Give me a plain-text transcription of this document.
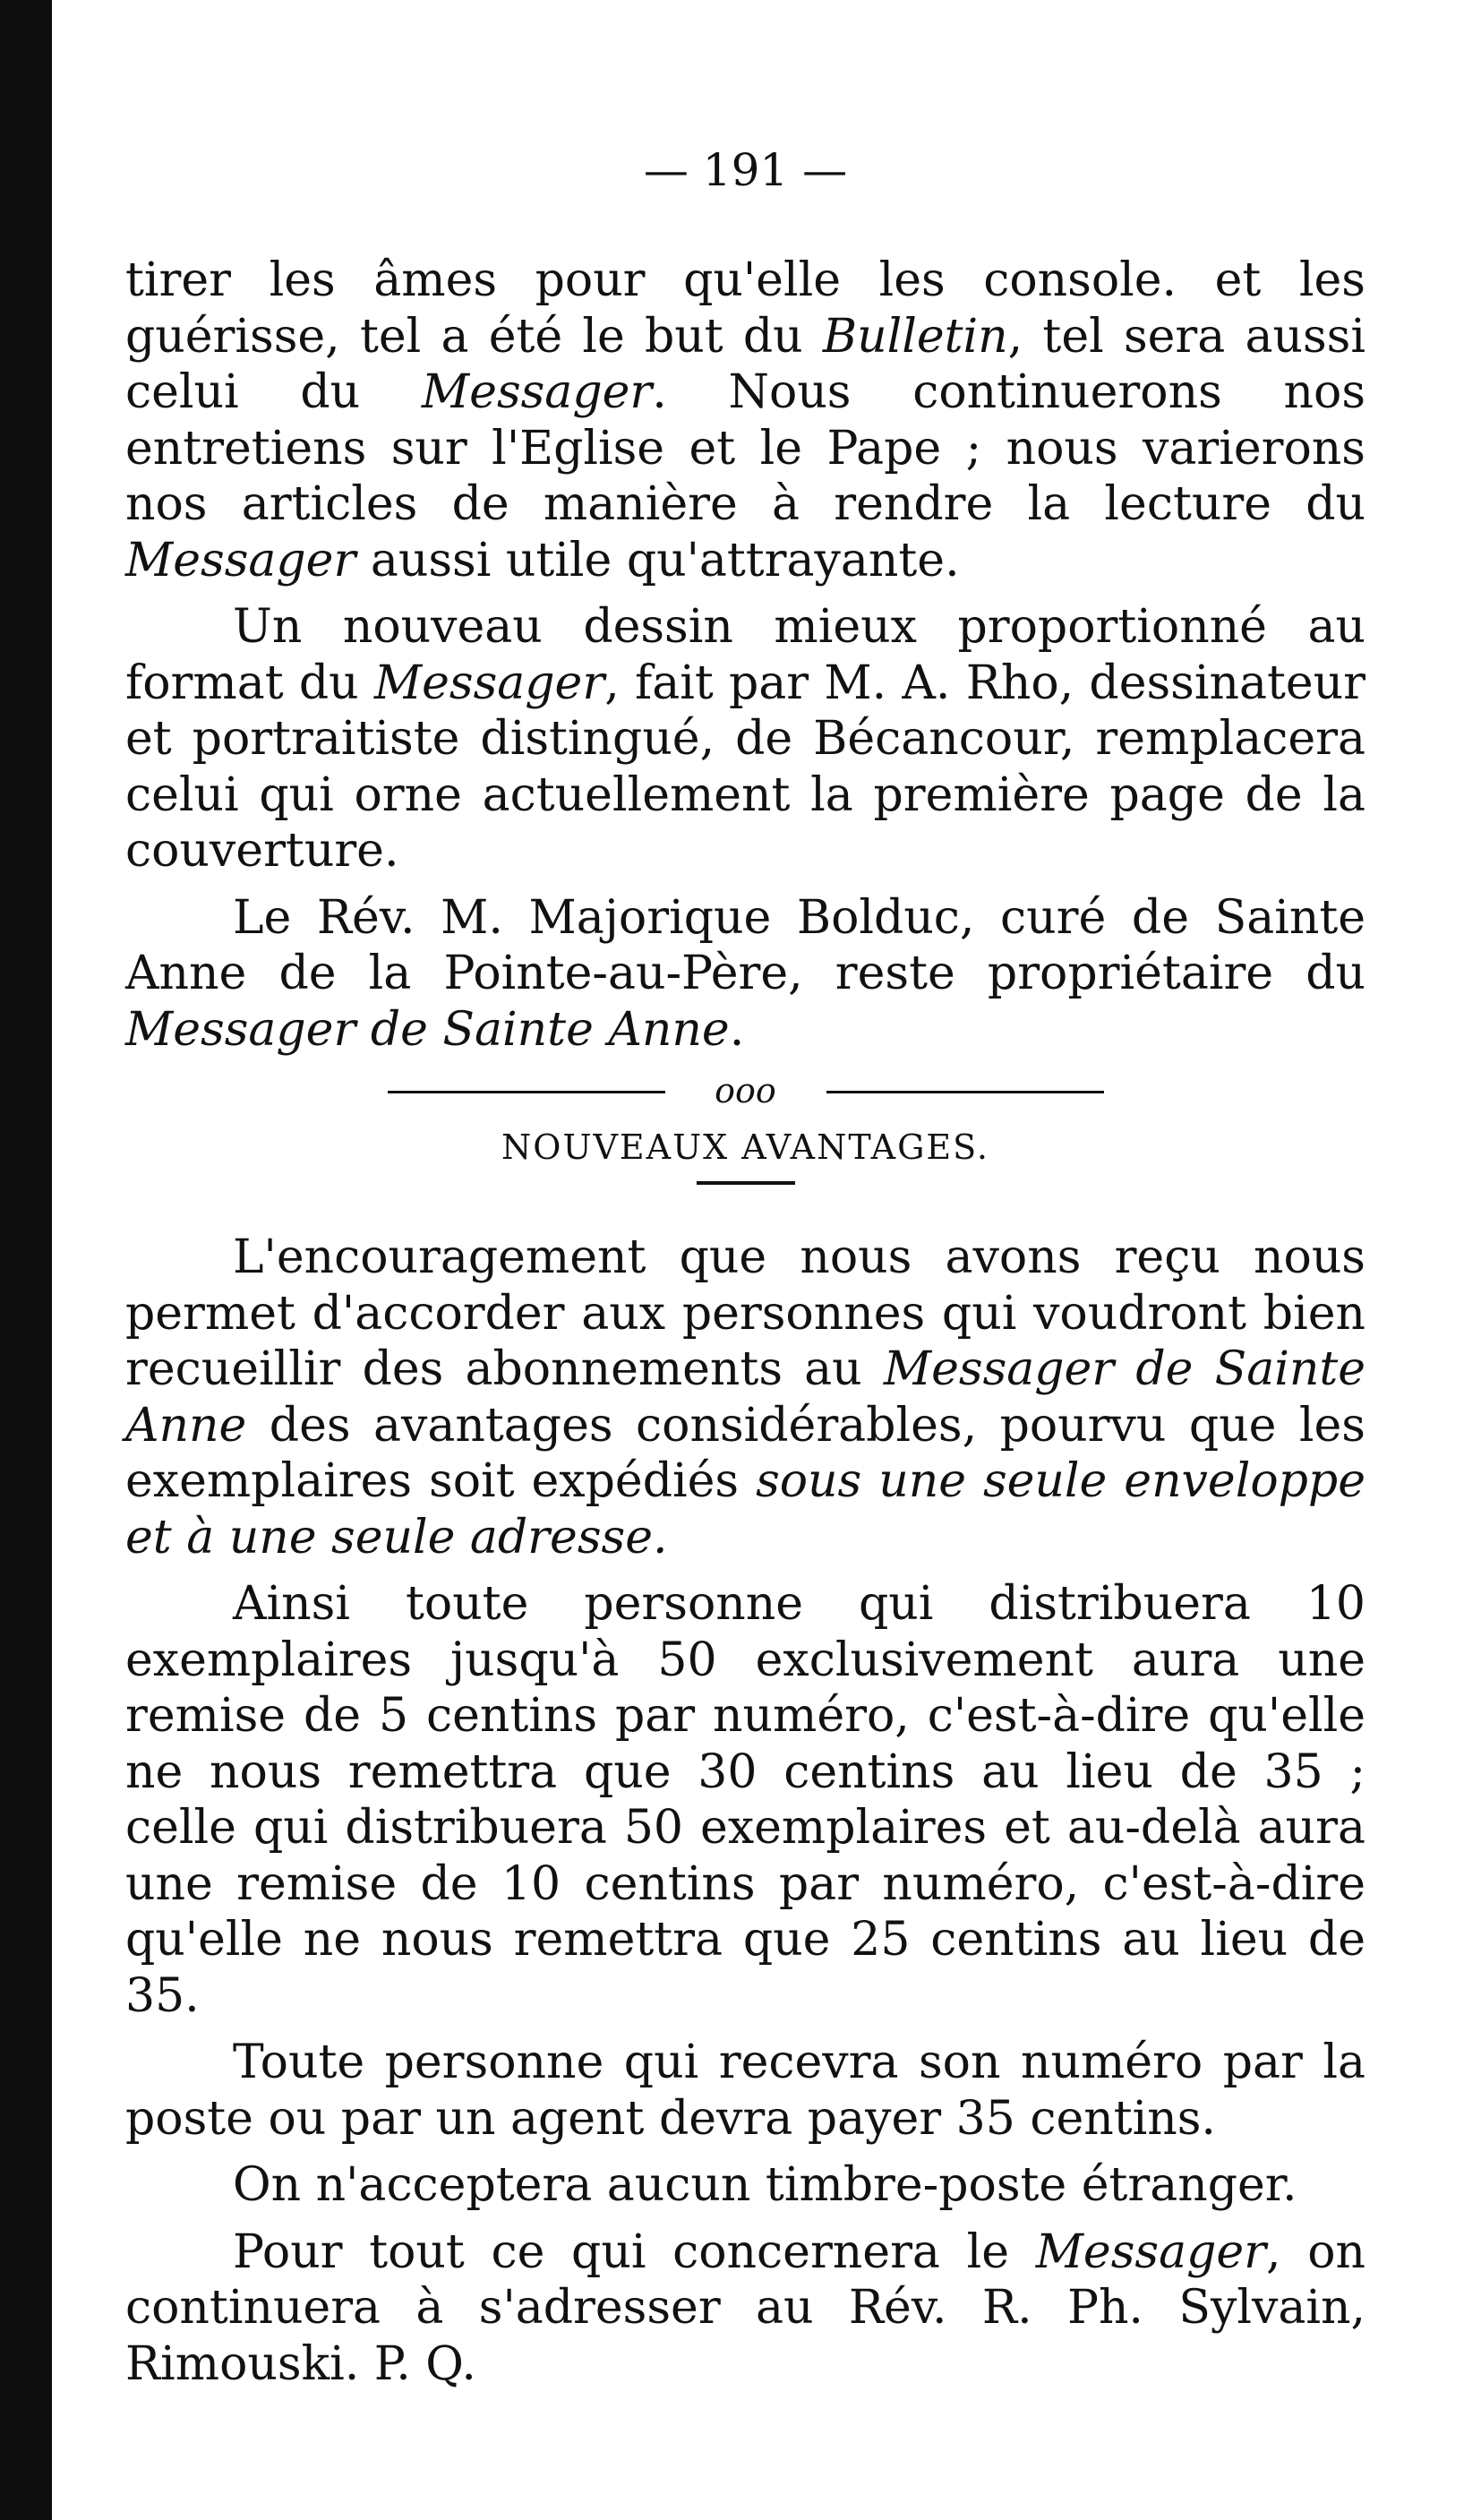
— 191 —

tirer les âmes pour qu'elle les console. et les guérisse, tel a été le but du Bulletin, tel sera aussi celui du Messager. Nous continuerons nos entretiens sur l'Eglise et le Pape ; nous varierons nos articles de manière à rendre la lecture du Messager aussi utile qu'attrayante.

Un nouveau dessin mieux proportionné au format du Messager, fait par M. A. Rho, dessinateur et portraitiste distingué, de Bécancour, remplacera celui qui orne actuellement la première page de la couverture.

Le Rév. M. Majorique Bolduc, curé de Sainte Anne de la Pointe-au-Père, reste propriétaire du Messager de Sainte Anne.

ooo
NOUVEAUX AVANTAGES.

L'encouragement que nous avons reçu nous permet d'accorder aux personnes qui voudront bien recueillir des abonnements au Messager de Sainte Anne des avantages considérables, pourvu que les exemplaires soit expédiés sous une seule enveloppe et à une seule adresse.

Ainsi toute personne qui distribuera 10 exemplaires jusqu'à 50 exclusivement aura une remise de 5 centins par numéro, c'est-à-dire qu'elle ne nous remettra que 30 centins au lieu de 35 ; celle qui distribuera 50 exemplaires et au-delà aura une remise de 10 centins par numéro, c'est-à-dire qu'elle ne nous remettra que 25 centins au lieu de 35.

Toute personne qui recevra son numéro par la poste ou par un agent devra payer 35 centins.

On n'acceptera aucun timbre-poste étranger.

Pour tout ce qui concernera le Messager, on continuera à s'adresser au Rév. R. Ph. Sylvain, Rimouski. P. Q.
